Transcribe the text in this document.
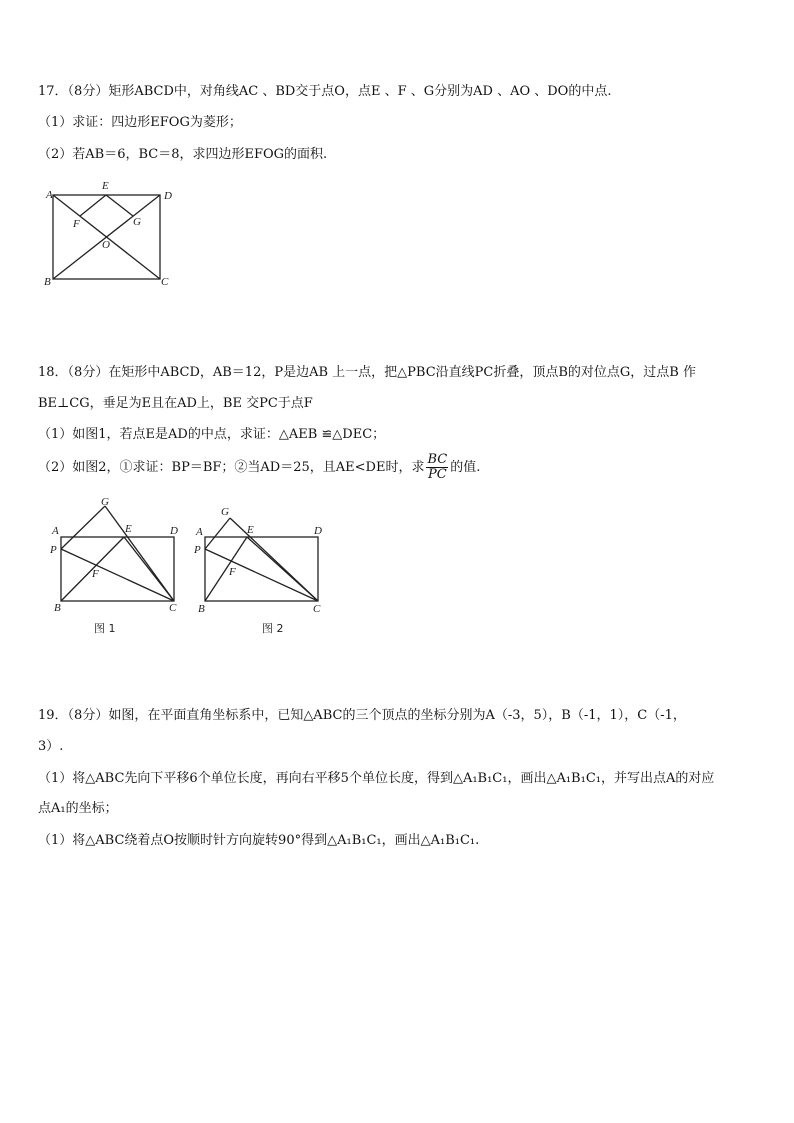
17．（8分）矩形ABCD中，对角线AC 、BD交于点O，点E 、F 、G分别为AD 、AO 、DO的中点.
（1）求证：四边形EFOG为菱形；
（2）若AB＝6，BC＝8，求四边形EFOG的面积.
A
E
D
F	G
O
B	C
18．（8分）在矩形中ABCD，AB＝12，P是边AB 上一点，把△PBC沿直线PC折叠，顶点B的对位点G，过点B 作
BE⊥CG，垂足为E且在AD上，BE 交PC于点F
（1）如图1，若点E是AD的中点，求证：△AEB ≌△DEC；
（2）如图2，①求证：BP＝BF；②当AD＝25，且AE<DE时，求 $\frac{BC}{PC}$ 的值.
G
A	E	D
P
F
B	C
图 1
G
A	E	D
P
F
B	C
图 2
19．（8分）如图，在平面直角坐标系中，已知△ABC的三个顶点的坐标分别为A（-3，5），B（-1，1），C（-1，
3）.
（1）将△ABC先向下平移6个单位长度，再向右平移5个单位长度，得到△A₁B₁C₁，画出△A₁B₁C₁，并写出点A的对应
点A₁的坐标；
（1）将△ABC绕着点O按顺时针方向旋转90°得到△A₁B₁C₁，画出△A₁B₁C₁.
